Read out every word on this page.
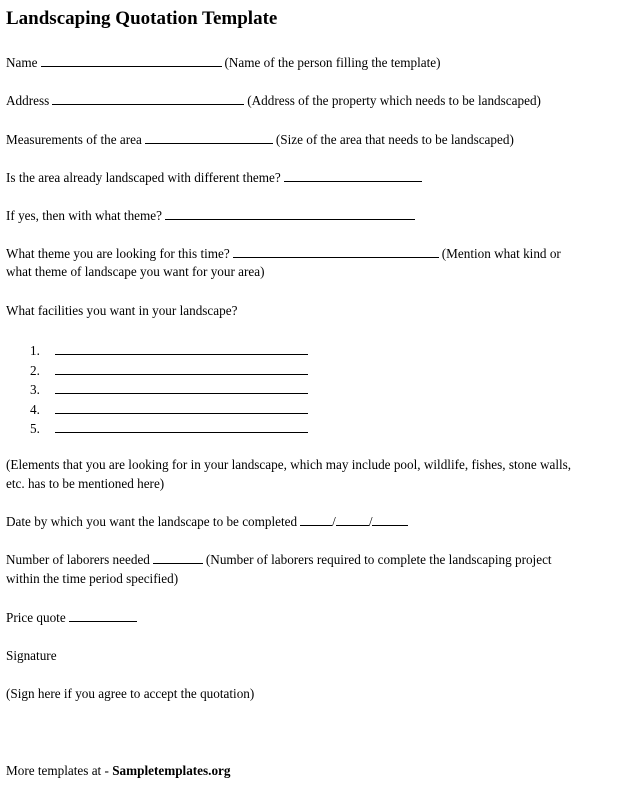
Landscaping Quotation Template
Name	(Name of the person filling the template)
Address	(Address of the property which needs to be landscaped)
Measurements of the area	(Size of the area that needs to be landscaped)
Is the area already landscaped with different theme?
If yes, then with what theme?
What theme you are looking for this time?	(Mention what kind or
what theme of landscape you want for your area)
What facilities you want in your landscape?
1.
2.
3.
4.
5.
(Elements that you are looking for in your landscape, which may include pool, wildlife, fishes, stone walls,
etc. has to be mentioned here)
Date by which you want the landscape to be completed	/	/
Number of laborers needed	(Number of laborers required to complete the landscaping project
within the time period specified)
Price quote
Signature
(Sign here if you agree to accept the quotation)
More templates at - Sampletemplates.org
